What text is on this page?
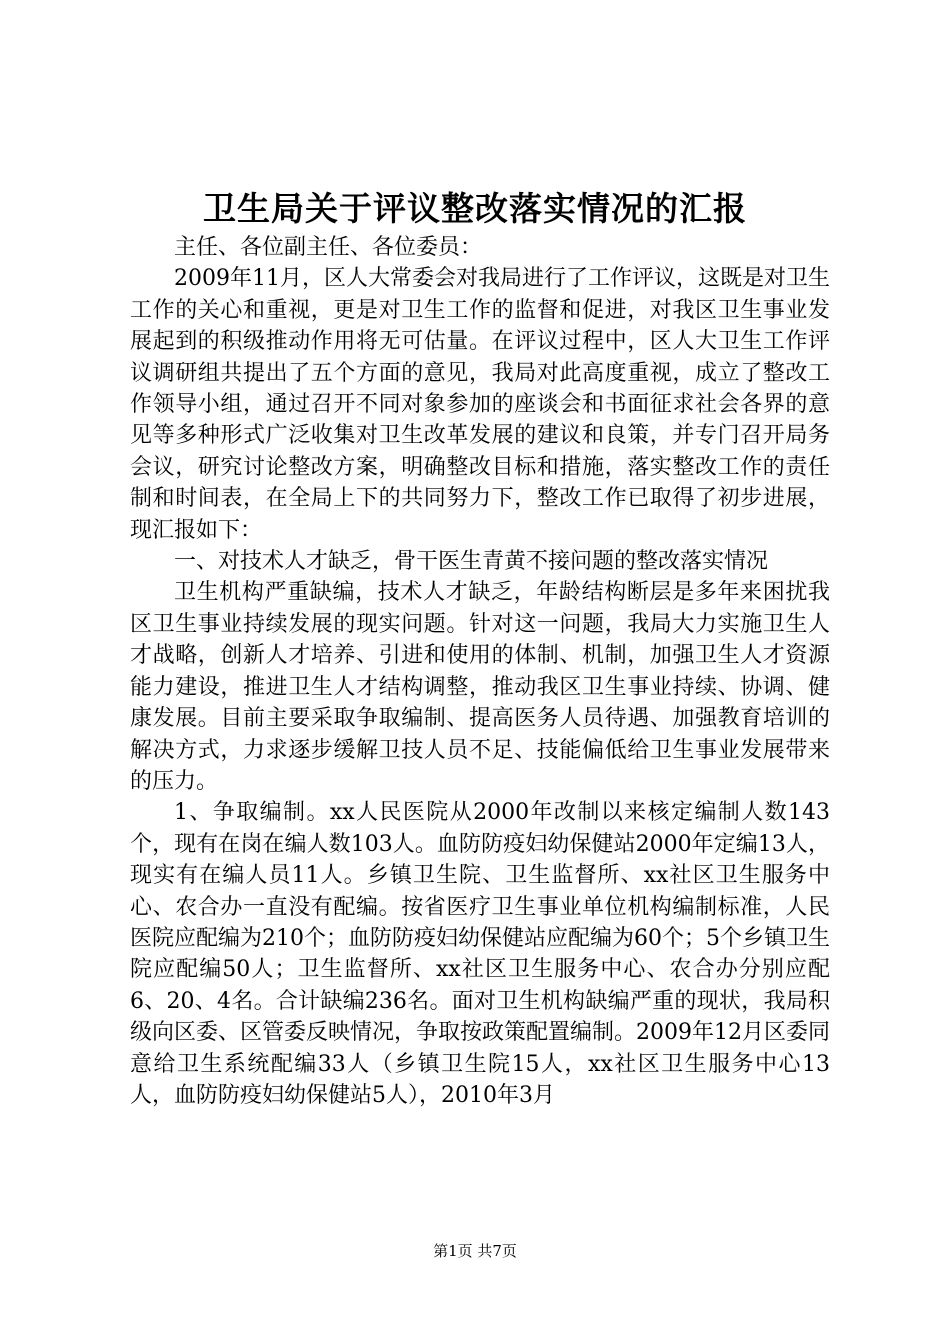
卫生局关于评议整改落实情况的汇报

主任、各位副主任、各位委员：

2009年11月，区人大常委会对我局进行了工作评议，这既是对卫生工作的关心和重视，更是对卫生工作的监督和促进，对我区卫生事业发展起到的积级推动作用将无可估量。在评议过程中，区人大卫生工作评议调研组共提出了五个方面的意见，我局对此高度重视，成立了整改工作领导小组，通过召开不同对象参加的座谈会和书面征求社会各界的意见等多种形式广泛收集对卫生改革发展的建议和良策，并专门召开局务会议，研究讨论整改方案，明确整改目标和措施，落实整改工作的责任制和时间表，在全局上下的共同努力下，整改工作已取得了初步进展，现汇报如下：

一、对技术人才缺乏，骨干医生青黄不接问题的整改落实情况

卫生机构严重缺编，技术人才缺乏，年龄结构断层是多年来困扰我区卫生事业持续发展的现实问题。针对这一问题，我局大力实施卫生人才战略，创新人才培养、引进和使用的体制、机制，加强卫生人才资源能力建设，推进卫生人才结构调整，推动我区卫生事业持续、协调、健康发展。目前主要采取争取编制、提高医务人员待遇、加强教育培训的解决方式，力求逐步缓解卫技人员不足、技能偏低给卫生事业发展带来的压力。

1、争取编制。xx人民医院从2000年改制以来核定编制人数143个，现有在岗在编人数103人。血防防疫妇幼保健站2000年定编13人，现实有在编人员11人。乡镇卫生院、卫生监督所、xx社区卫生服务中心、农合办一直没有配编。按省医疗卫生事业单位机构编制标准，人民医院应配编为210个；血防防疫妇幼保健站应配编为60个；5个乡镇卫生院应配编50人；卫生监督所、xx社区卫生服务中心、农合办分别应配6、20、4名。合计缺编236名。面对卫生机构缺编严重的现状，我局积级向区委、区管委反映情况，争取按政策配置编制。2009年12月区委同意给卫生系统配编33人（乡镇卫生院15人，xx社区卫生服务中心13人，血防防疫妇幼保健站5人），2010年3月

第1页 共7页
